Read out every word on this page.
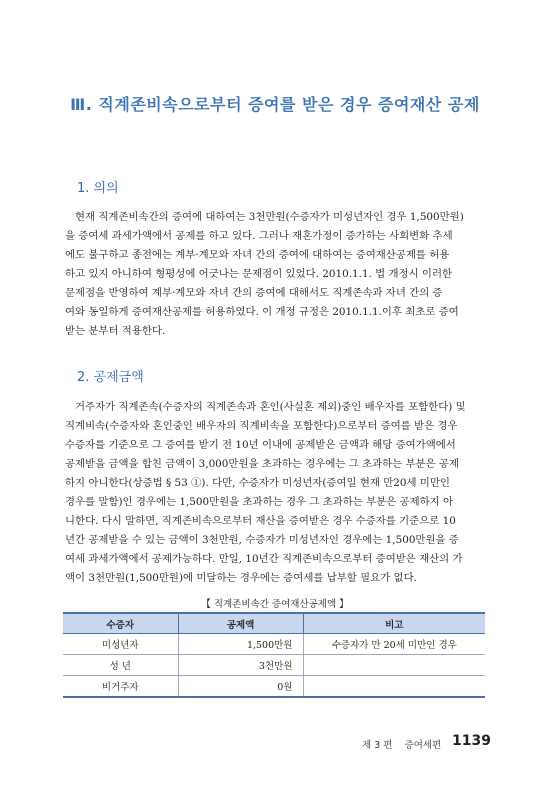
Ⅲ. 직계존비속으로부터 증여를 받은 경우 증여재산 공제
1. 의의
현재 직계존비속간의 증여에 대하여는 3천만원(수증자가 미성년자인 경우 1,500만원)
을 증여세 과세가액에서 공제를 하고 있다. 그러나 재혼가정이 증가하는 사회변화 추세
에도 불구하고 종전에는 계부·계모와 자녀 간의 증여에 대하여는 증여재산공제를 허용
하고 있지 아니하여 형평성에 어긋나는 문제점이 있었다. 2010.1.1. 법 개정시 이러한
문제점을 반영하여 계부·계모와 자녀 간의 증여에 대해서도 직계존속과 자녀 간의 증
여와 동일하게 증여재산공제를 허용하였다. 이 개정 규정은 2010.1.1.이후 최초로 증여
받는 분부터 적용한다.
2. 공제금액
거주자가 직계존속(수증자의 직계존속과 혼인(사실혼 제외)중인 배우자를 포함한다) 및
직계비속(수증자와 혼인중인 배우자의 직계비속을 포함한다)으로부터 증여를 받은 경우
수증자를 기준으로 그 증여를 받기 전 10년 이내에 공제받은 금액과 해당 증여가액에서
공제받을 금액을 합친 금액이 3,000만원을 초과하는 경우에는 그 초과하는 부분은 공제
하지 아니한다(상증법 § 53 ①). 다만, 수증자가 미성년자(증여일 현재 만20세 미만인
경우를 말함)인 경우에는 1,500만원을 초과하는 경우 그 초과하는 부분은 공제하지 아
니한다. 다시 말하면, 직계존비속으로부터 재산을 증여받은 경우 수증자를 기준으로 10
년간 공제받을 수 있는 금액이 3천만원, 수증자가 미성년자인 경우에는 1,500만원을 증
여세 과세가액에서 공제가능하다. 만일, 10년간 직계존비속으로부터 증여받은 재산의 가
액이 3천만원(1,500만원)에 미달하는 경우에는 증여세를 납부할 필요가 없다.
【 직계존비속간 증여재산공제액 】
수증자	공제액	비고
미성년자	1,500만원	수증자가 만 20세 미만인 경우
성 년	3천만원	
비거주자	0원	
제 3 편 증여세편 1139
